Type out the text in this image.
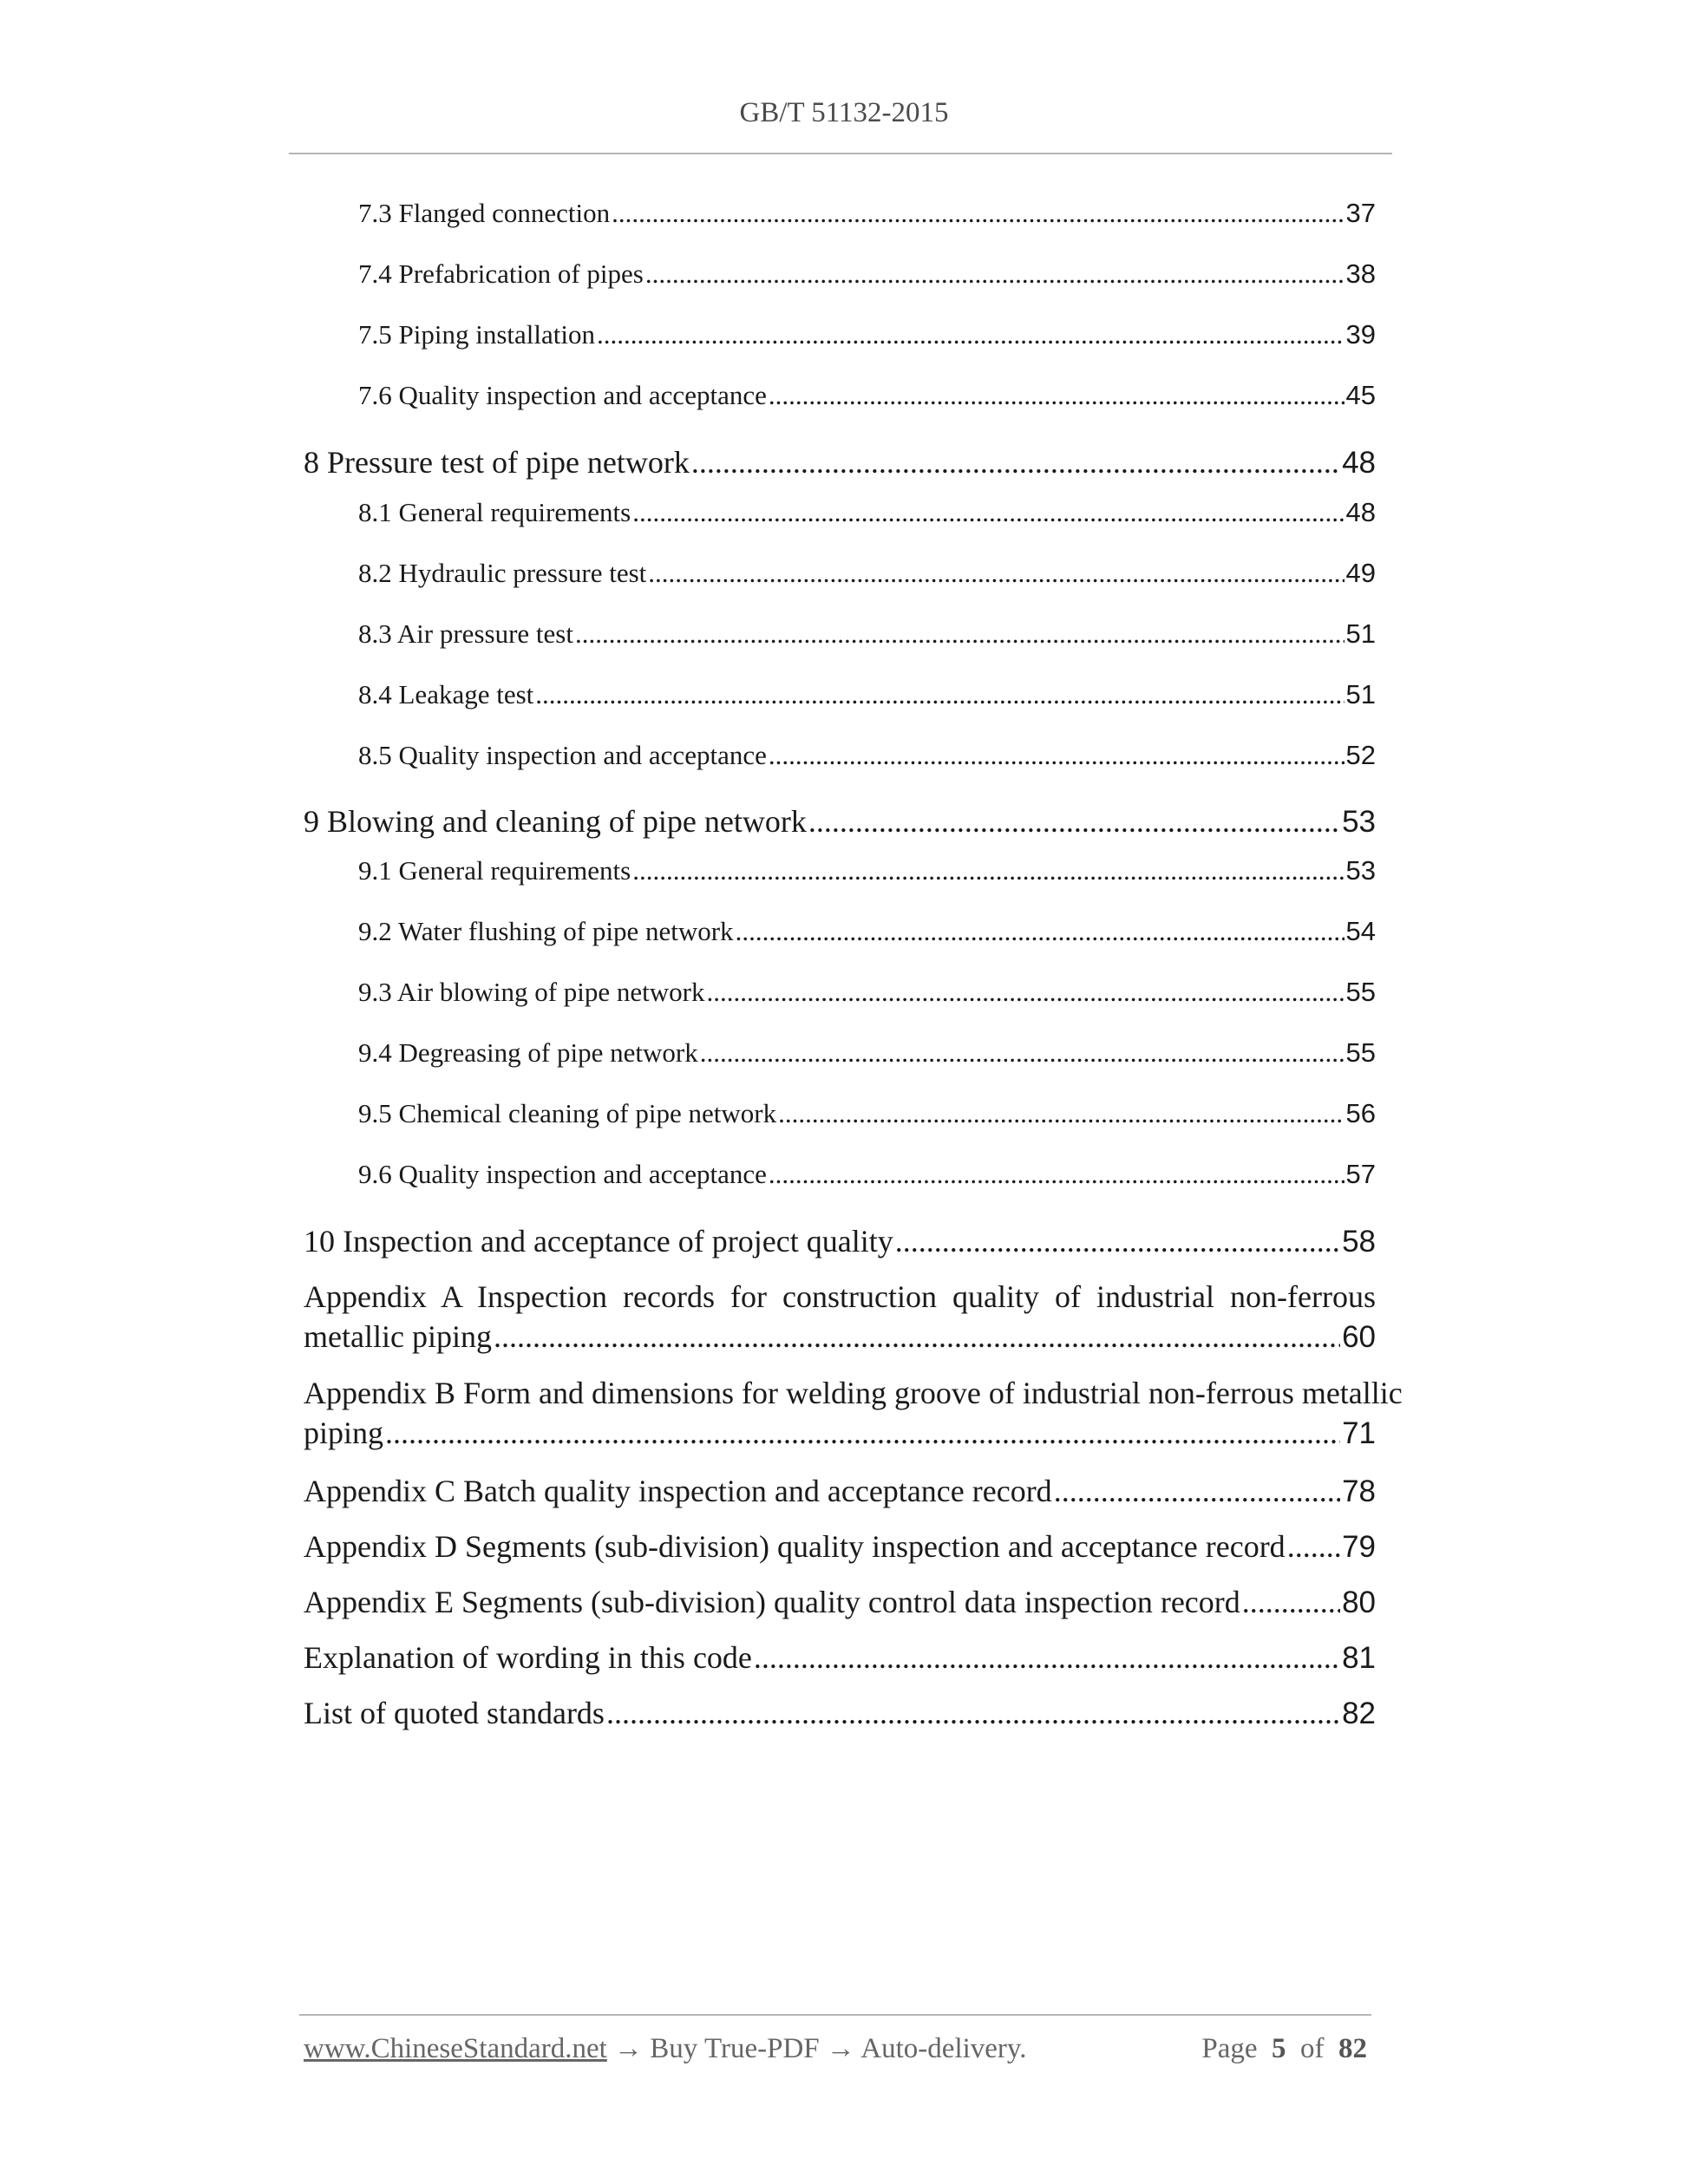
GB/T 51132-2015
7.3 Flanged connection .....	37
7.4 Prefabrication of pipes .....	38
7.5 Piping installation .....	39
7.6 Quality inspection and acceptance .....	45
8 Pressure test of pipe network .....	48
8.1 General requirements .....	48
8.2 Hydraulic pressure test .....	49
8.3 Air pressure test .....	51
8.4 Leakage test .....	51
8.5 Quality inspection and acceptance .....	52
9 Blowing and cleaning of pipe network .....	53
9.1 General requirements .....	53
9.2 Water flushing of pipe network .....	54
9.3 Air blowing of pipe network .....	55
9.4 Degreasing of pipe network .....	55
9.5 Chemical cleaning of pipe network .....	56
9.6 Quality inspection and acceptance .....	57
10 Inspection and acceptance of project quality .....	58
Appendix A Inspection records for construction quality of industrial non-ferrous
metallic piping .....	60
Appendix B Form and dimensions for welding groove of industrial non-ferrous metallic
piping .....	71
Appendix C Batch quality inspection and acceptance record .....	78
Appendix D Segments (sub-division) quality inspection and acceptance record ..... 79
Appendix E Segments (sub-division) quality control data inspection record .....	80
Explanation of wording in this code .....	81
List of quoted standards .....	82
www.ChineseStandard.net → Buy True-PDF → Auto-delivery.	Page 5 of 82
